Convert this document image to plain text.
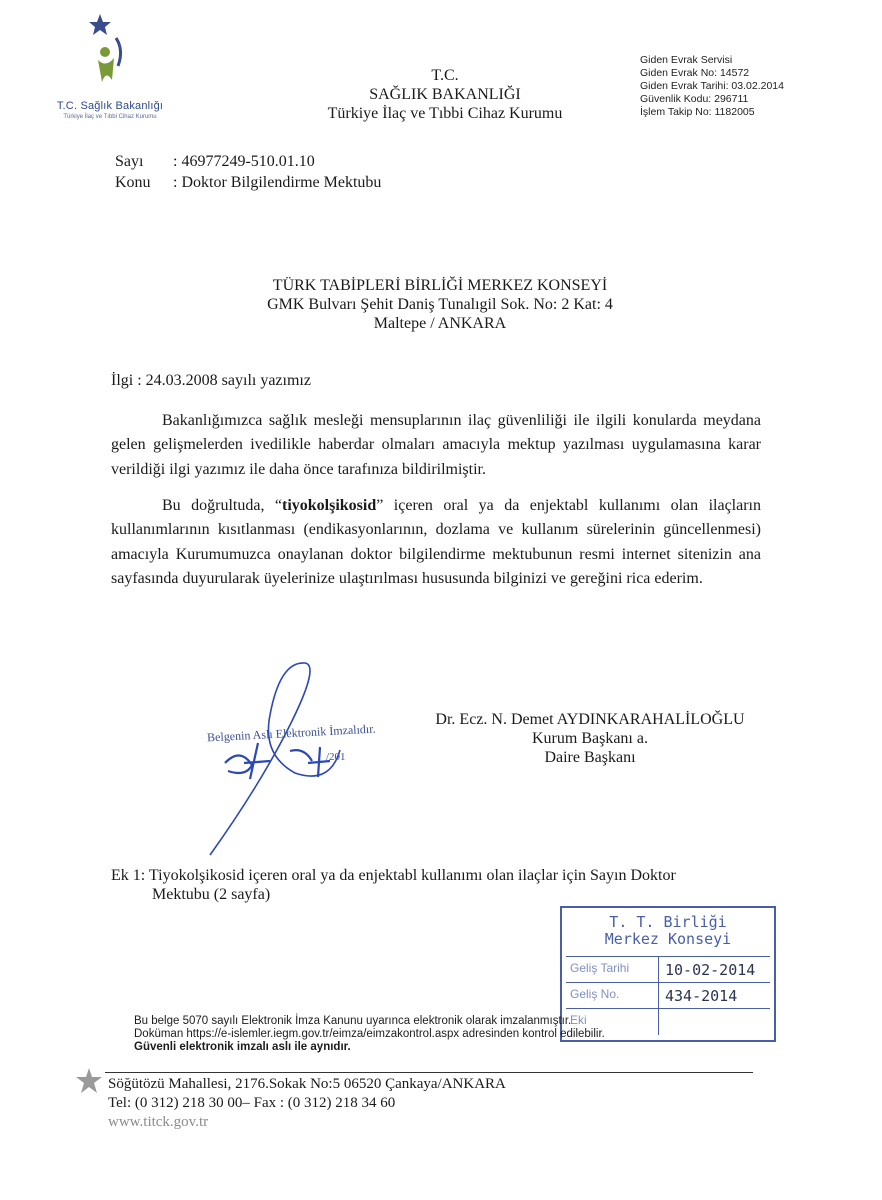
T.C. Sağlık Bakanlığı
Türkiye İlaç ve Tıbbi Cihaz Kurumu
T.C.
SAĞLIK BAKANLIĞI
Türkiye İlaç ve Tıbbi Cihaz Kurumu
Giden Evrak Servisi
Giden Evrak No: 14572
Giden Evrak Tarihi: 03.02.2014
Güvenlik Kodu: 296711
İşlem Takip No: 1182005
Sayı : 46977249-510.01.10
Konu : Doktor Bilgilendirme Mektubu
TÜRK TABİPLERİ BİRLİĞİ MERKEZ KONSEYİ
GMK Bulvarı Şehit Daniş Tunalıgil Sok. No: 2 Kat: 4
Maltepe / ANKARA
İlgi : 24.03.2008 sayılı yazımız
Bakanlığımızca sağlık mesleği mensuplarının ilaç güvenliliği ile ilgili konularda meydana gelen gelişmelerden ivedilikle haberdar olmaları amacıyla mektup yazılması uygulamasına karar verildiği ilgi yazımız ile daha önce tarafınıza bildirilmiştir.
Bu doğrultuda, “tiyokolşikosid” içeren oral ya da enjektabl kullanımı olan ilaçların kullanımlarının kısıtlanması (endikasyonlarının, dozlama ve kullanım sürelerinin güncellenmesi) amacıyla Kurumumuzca onaylanan doktor bilgilendirme mektubunun resmi internet sitenizin ana sayfasında duyurularak üyelerinize ulaştırılması hususunda bilginizi ve gereğini rica ederim.
Belgenin Aslı Elektronik İmzalıdır.
/201
Dr. Ecz. N. Demet AYDINKARAHALİLOĞLU
Kurum Başkanı a.
Daire Başkanı
Ek 1: Tiyokolşikosid içeren oral ya da enjektabl kullanımı olan ilaçlar için Sayın Doktor
Mektubu (2 sayfa)
T. T. Birliği
Merkez Konseyi
Geliş Tarihi	10-02-2014
Geliş No.	434-2014
Eki
Bu belge 5070 sayılı Elektronik İmza Kanunu uyarınca elektronik olarak imzalanmıştır.
Doküman https://e-islemler.iegm.gov.tr/eimza/eimzakontrol.aspx adresinden kontrol edilebilir.
Güvenli elektronik imzalı aslı ile aynıdır.
Söğütözü Mahallesi, 2176.Sokak No:5 06520 Çankaya/ANKARA
Tel: (0 312) 218 30 00– Fax : (0 312) 218 34 60
www.titck.gov.tr
